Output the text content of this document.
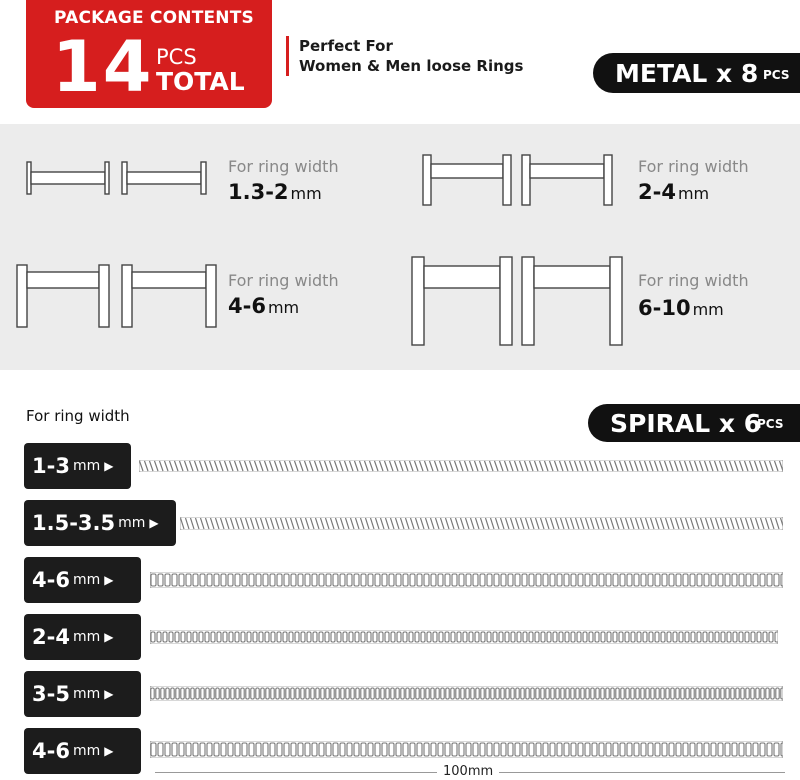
PACKAGE CONTENTS
14 PCS
TOTAL
Perfect For
Women & Men loose Rings	METAL x 8 PCS
For ring width
1.3-2 mm
For ring width
2-4 mm
For ring width
4-6 mm
For ring width
6-10 mm
For ring width	SPIRAL x 6
PCS
1-3 mm ▶
1.5-3.5 mm ▶
4-6 mm ▶
2-4 mm ▶
3-5 mm ▶
4-6 mm ▶
100mm
